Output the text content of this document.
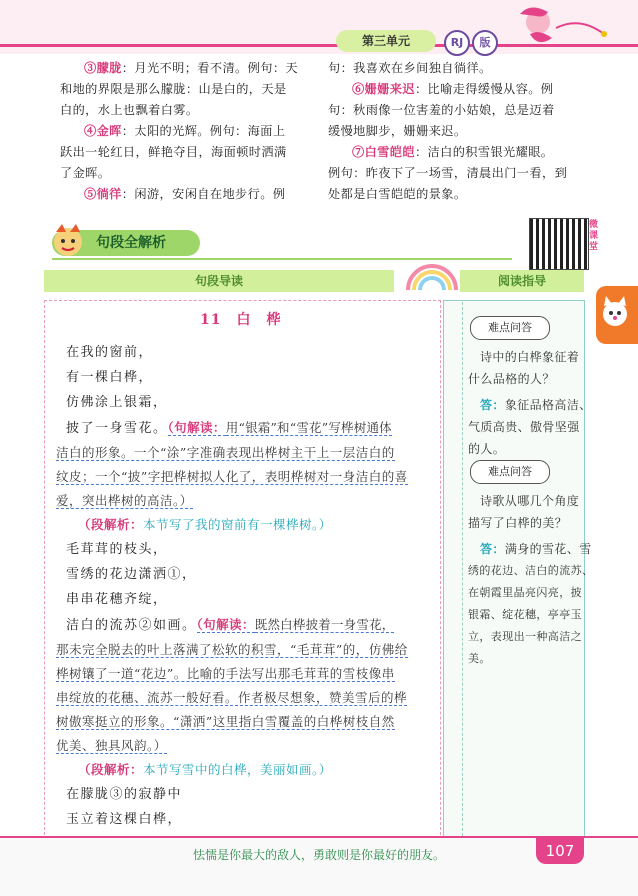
第三单元	RJ	版
③朦胧：月光不明；看不清。例句：天
和地的界限是那么朦胧：山是白的，天是
白的，水上也飘着白雾。
④金晖：太阳的光辉。例句：海面上
跃出一轮红日，鲜艳夺目，海面顿时洒满
了金晖。
⑤徜徉：闲游，安闲自在地步行。例
句：我喜欢在乡间独自徜徉。
⑥姗姗来迟：比喻走得缓慢从容。例
句：秋雨像一位害羞的小姑娘，总是迈着
缓慢地脚步，姗姗来迟。
⑦白雪皑皑：洁白的积雪银光耀眼。
例句：昨夜下了一场雪，清晨出门一看，到
处都是白雪皑皑的景象。
句段全解析
微课堂
句段导读	阅读指导
11　白　桦
在我的窗前，
有一棵白桦，
仿佛涂上银霜，
披了一身雪花。（句解读：用“银霜”和“雪花”写桦树通体
洁白的形象。一个“涂”字准确表现出桦树主干上一层洁白的
纹皮；一个“披”字把桦树拟人化了，表明桦树对一身洁白的喜
爱，突出桦树的高洁。）
（段解析：本节写了我的窗前有一棵桦树。）
毛茸茸的枝头，
雪绣的花边潇洒①，
串串花穗齐绽，
洁白的流苏②如画。（句解读：既然白桦披着一身雪花，
那未完全脱去的叶上落满了松软的积雪，“毛茸茸”的，仿佛给
桦树镶了一道“花边”。比喻的手法写出那毛茸茸的雪枝像串
串绽放的花穗、流苏一般好看。作者极尽想象，赞美雪后的桦
树傲寒挺立的形象。“潇洒”这里指白雪覆盖的白桦树枝自然
优美、独具风韵。）
（段解析：本节写雪中的白桦，美丽如画。）
在朦胧③的寂静中
玉立着这棵白桦，
难点问答
诗中的白桦象征着
什么品格的人？
答：象征品格高洁、
气质高贵、傲骨坚强
的人。
难点问答
诗歌从哪几个角度
描写了白桦的美？
答：满身的雪花、雪
绣的花边、洁白的流苏、
在朝霞里晶亮闪亮，披
银霜、绽花穗，亭亭玉
立，表现出一种高洁之
美。
怯懦是你最大的敌人，勇敢则是你最好的朋友。	107
